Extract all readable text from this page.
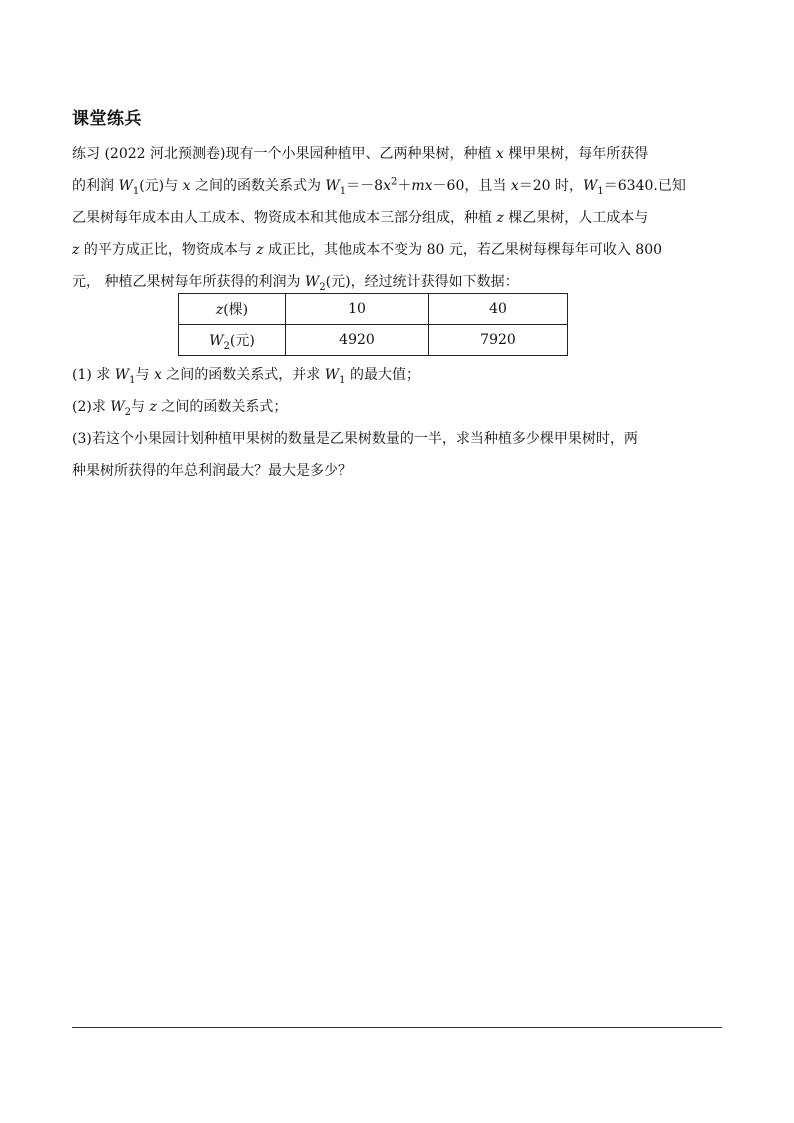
课堂练兵
练习 (2022 河北预测卷)现有一个小果园种植甲、乙两种果树，种植 x 棵甲果树，每年所获得
的利润 $W_1$(元)与 x 之间的函数关系式为 $W_1=-8x^2+mx-60$，且当 x＝20 时，$W_1=6340$.已知
乙果树每年成本由人工成本、物资成本和其他成本三部分组成，种植 z 棵乙果树，人工成本与
z 的平方成正比，物资成本与 z 成正比，其他成本不变为 80 元，若乙果树每棵每年可收入 800
元， 种植乙果树每年所获得的利润为 $W_2$(元)，经过统计获得如下数据：
z(棵)	10	40
$W_2$(元)	4920	7920
(1) 求 $W_1$与 x 之间的函数关系式，并求 $W_1$ 的最大值；
(2)求 $W_2$与 z 之间的函数关系式；
(3)若这个小果园计划种植甲果树的数量是乙果树数量的一半，求当种植多少棵甲果树时，两
种果树所获得的年总利润最大？最大是多少？
